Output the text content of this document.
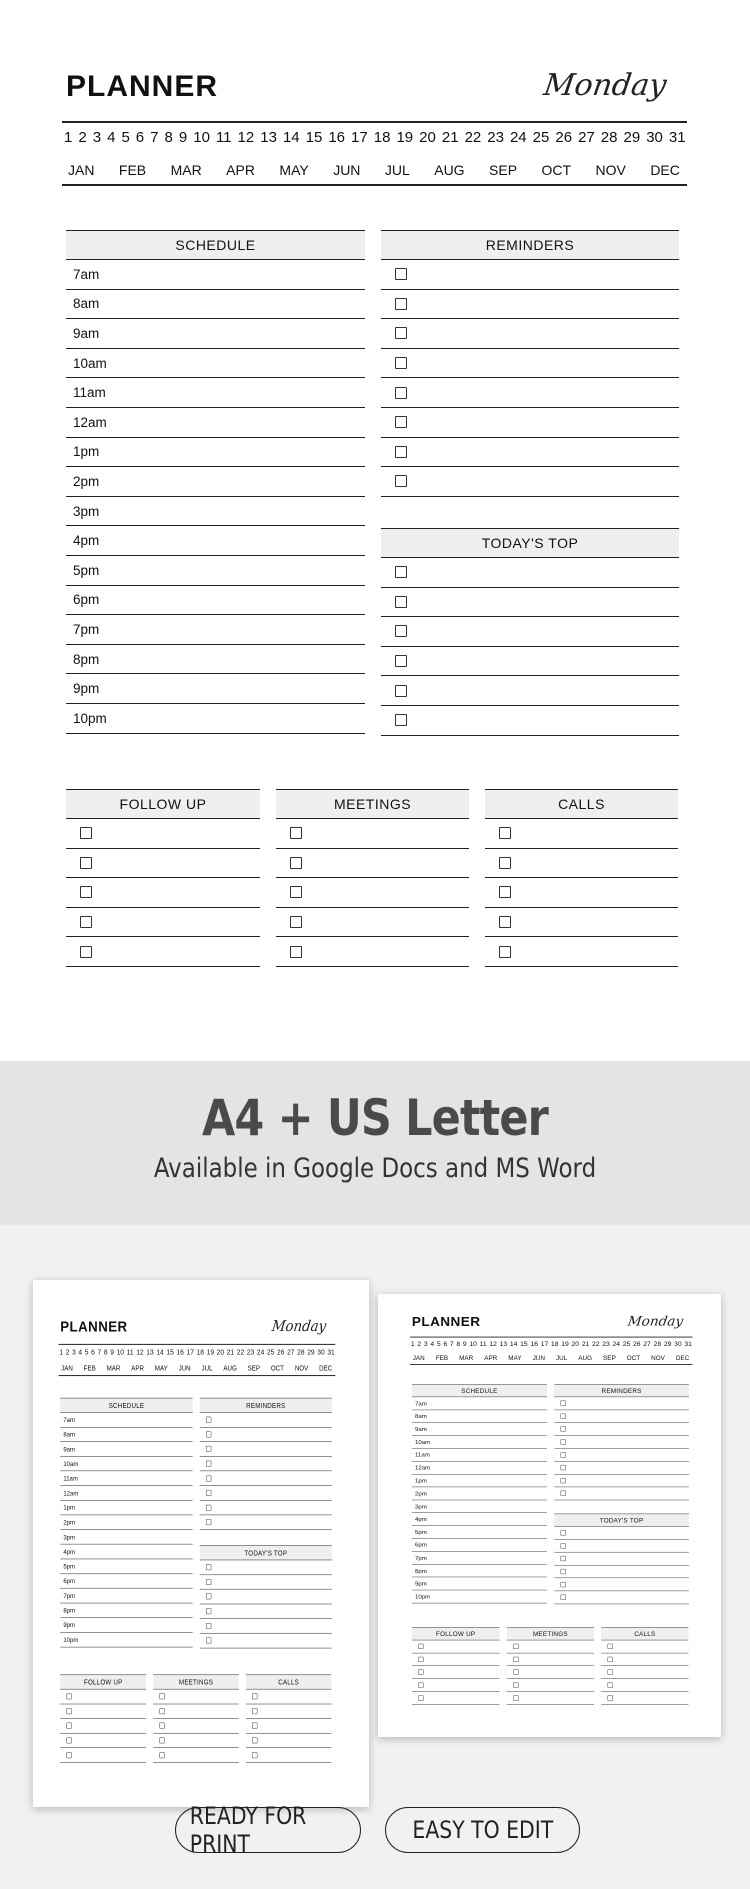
PLANNER	Monday
1 2 3 4 5 6 7 8 9 10 11 12 13 14 15 16 17 18 19 20 21 22 23 24 25 26 27 28 29 30 31
JAN FEB MAR APR MAY JUN JUL AUG SEP OCT NOV DEC
SCHEDULE
7am
8am
9am
10am
11am
12am
1pm
2pm
3pm
4pm
5pm
6pm
7pm
8pm
9pm
10pm
REMINDERS
TODAY'S TOP
FOLLOW UP	MEETINGS	CALLS
A4 + US Letter
Available in Google Docs and MS Word
PLANNER	Monday
1 2 3 4 5 6 7 8 9 10 11 12 13 14 15 16 17 18 19 20 21 22 23 24 25 26 27 28 29 30 31
JAN FEB MAR APR MAY JUN JUL AUG SEP OCT NOV DEC
SCHEDULE
7am
8am
9am
10am
11am
12am
1pm
2pm
3pm
4pm
5pm
6pm
7pm
8pm
9pm
10pm
REMINDERS
TODAY'S TOP
FOLLOW UP	MEETINGS	CALLS
PLANNER	Monday
1 2 3 4 5 6 7 8 9 10 11 12 13 14 15 16 17 18 19 20 21 22 23 24 25 26 27 28 29 30 31
JAN FEB MAR APR MAY JUN JUL AUG SEP OCT NOV DEC
SCHEDULE
7am
8am
9am
10am
11am
12am
1pm
2pm
3pm
4pm
5pm
6pm
7pm
8pm
9pm
10pm
REMINDERS
TODAY'S TOP
FOLLOW UP	MEETINGS	CALLS
READY FOR PRINT	EASY TO EDIT
